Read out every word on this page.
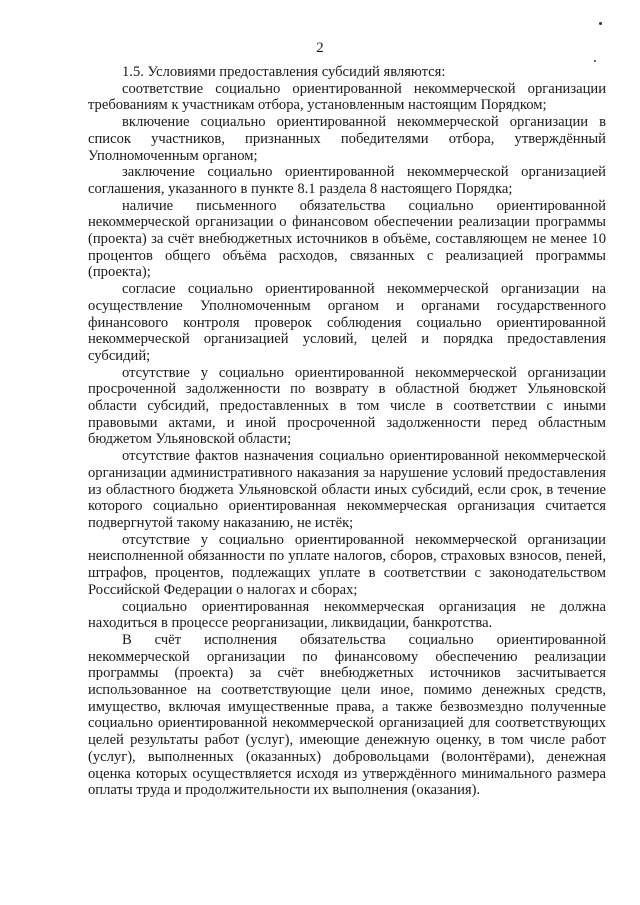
2

1.5. Условиями предоставления субсидий являются:

соответствие социально ориентированной некоммерческой организации требованиям к участникам отбора, установленным настоящим Порядком;

включение социально ориентированной некоммерческой организации в список участников, признанных победителями отбора, утверждённый Уполномоченным органом;

заключение социально ориентированной некоммерческой организацией соглашения, указанного в пункте 8.1 раздела 8 настоящего Порядка;

наличие письменного обязательства социально ориентированной некоммерческой организации о финансовом обеспечении реализации программы (проекта) за счёт внебюджетных источников в объёме, составляющем не менее 10 процентов общего объёма расходов, связанных с реализацией программы (проекта);

согласие социально ориентированной некоммерческой организации на осуществление Уполномоченным органом и органами государственного финансового контроля проверок соблюдения социально ориентированной некоммерческой организацией условий, целей и порядка предоставления субсидий;

отсутствие у социально ориентированной некоммерческой организации просроченной задолженности по возврату в областной бюджет Ульяновской области субсидий, предоставленных в том числе в соответствии с иными правовыми актами, и иной просроченной задолженности перед областным бюджетом Ульяновской области;

отсутствие фактов назначения социально ориентированной некоммерческой организации административного наказания за нарушение условий предоставления из областного бюджета Ульяновской области иных субсидий, если срок, в течение которого социально ориентированная некоммерческая организация считается подвергнутой такому наказанию, не истёк;

отсутствие у социально ориентированной некоммерческой организации неисполненной обязанности по уплате налогов, сборов, страховых взносов, пеней, штрафов, процентов, подлежащих уплате в соответствии с законодательством Российской Федерации о налогах и сборах;

социально ориентированная некоммерческая организация не должна находиться в процессе реорганизации, ликвидации, банкротства.

В счёт исполнения обязательства социально ориентированной некоммерческой организации по финансовому обеспечению реализации программы (проекта) за счёт внебюджетных источников засчитывается использованное на соответствующие цели иное, помимо денежных средств, имущество, включая имущественные права, а также безвозмездно полученные социально ориентированной некоммерческой организацией для соответствующих целей результаты работ (услуг), имеющие денежную оценку, в том числе работ (услуг), выполненных (оказанных) добровольцами (волонтёрами), денежная оценка которых осуществляется исходя из утверждённого минимального размера оплаты труда и продолжительности их выполнения (оказания).
